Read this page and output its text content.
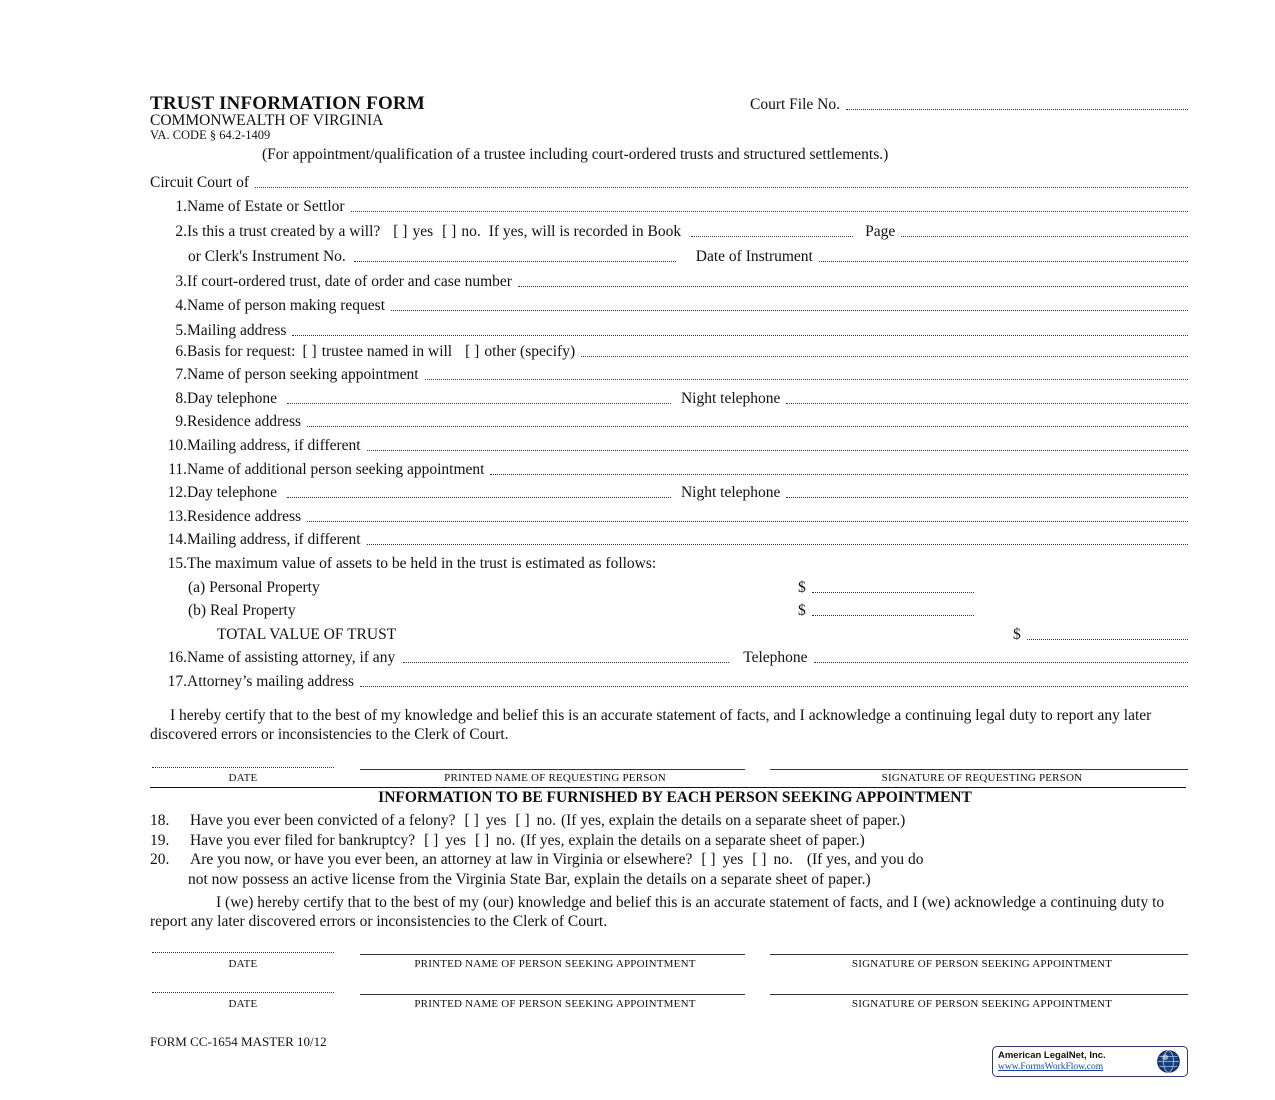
TRUST INFORMATION FORM
COMMONWEALTH OF VIRGINIA
VA. CODE § 64.2-1409
Court File No.
(For appointment/qualification of a trustee including court-ordered trusts and structured settlements.)
Circuit Court of
1. Name of Estate or Settlor
2. Is this a trust created by a will? [ ] yes [ ] no. If yes, will is recorded in Book	Page
or Clerk's Instrument No.	Date of Instrument
3. If court-ordered trust, date of order and case number
4. Name of person making request
5. Mailing address
6. Basis for request: [ ] trustee named in will [ ] other (specify)
7. Name of person seeking appointment
8. Day telephone	Night telephone
9. Residence address
10. Mailing address, if different
11. Name of additional person seeking appointment
12. Day telephone	Night telephone
13. Residence address
14. Mailing address, if different
15. The maximum value of assets to be held in the trust is estimated as follows:
(a) Personal Property	$
(b) Real Property	$
TOTAL VALUE OF TRUST	$
16. Name of assisting attorney, if any	Telephone
17. Attorney’s mailing address
I hereby certify that to the best of my knowledge and belief this is an accurate statement of facts, and I acknowledge a continuing legal duty to report any later discovered errors or inconsistencies to the Clerk of Court.
DATE	PRINTED NAME OF REQUESTING PERSON	SIGNATURE OF REQUESTING PERSON
INFORMATION TO BE FURNISHED BY EACH PERSON SEEKING APPOINTMENT
18.	Have you ever been convicted of a felony? [ ] yes [ ] no. (If yes, explain the details on a separate sheet of paper.)
19.	Have you ever filed for bankruptcy? [ ] yes [ ] no. (If yes, explain the details on a separate sheet of paper.)
20.	Are you now, or have you ever been, an attorney at law in Virginia or elsewhere? [ ] yes [ ] no. (If yes, and you do
not now possess an active license from the Virginia State Bar, explain the details on a separate sheet of paper.)
I (we) hereby certify that to the best of my (our) knowledge and belief this is an accurate statement of facts, and I (we) acknowledge a continuing duty to report any later discovered errors or inconsistencies to the Clerk of Court.
DATE	PRINTED NAME OF PERSON SEEKING APPOINTMENT	SIGNATURE OF PERSON SEEKING APPOINTMENT
DATE	PRINTED NAME OF PERSON SEEKING APPOINTMENT	SIGNATURE OF PERSON SEEKING APPOINTMENT
FORM CC-1654 MASTER 10/12
American LegalNet, Inc.
www.FormsWorkFlow.com
